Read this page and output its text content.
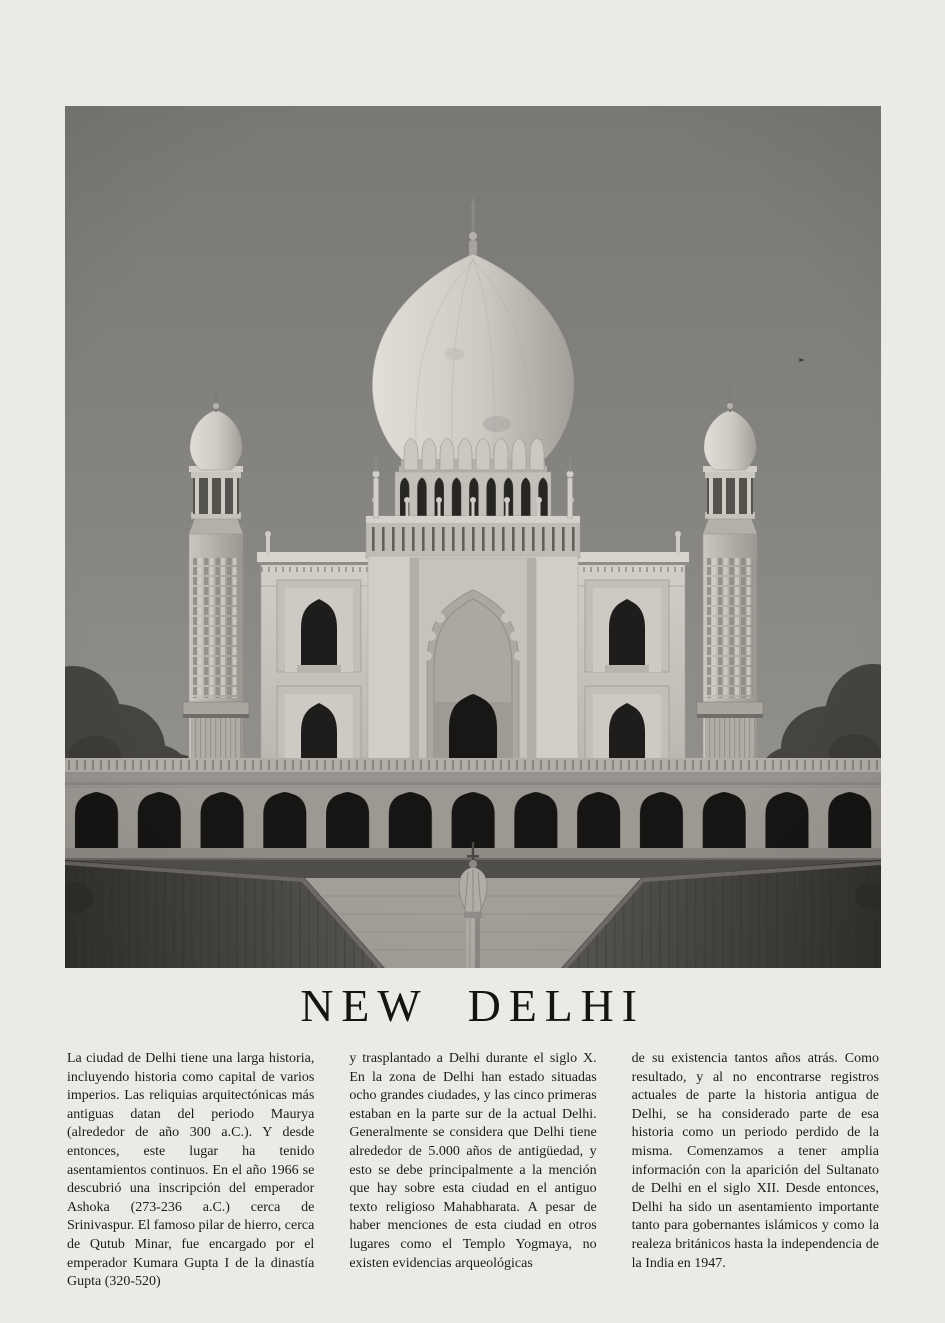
NEW DELHI
La ciudad de Delhi tiene una larga historia, incluyendo historia como capital de varios imperios. Las reliquias arquitectónicas más antiguas datan del periodo Maurya (alrededor de año 300 a.C.). Y desde entonces, este lugar ha tenido asentamientos continuos. En el año 1966 se descubrió una inscripción del emperador Ashoka (273-236 a.C.) cerca de Srinivaspur. El famoso pilar de hierro, cerca de Qutub Minar, fue encargado por el emperador Kumara Gupta I de la dinastía Gupta (320-520)
y trasplantado a Delhi durante el siglo X. En la zona de Delhi han estado situadas ocho grandes ciudades, y las cinco primeras estaban en la parte sur de la actual Delhi. Generalmente se considera que Delhi tiene alrededor de 5.000 años de antigüedad, y esto se debe principalmente a la mención que hay sobre esta ciudad en el antiguo texto religioso Mahabharata. A pesar de haber menciones de esta ciudad en otros lugares como el Templo Yogmaya, no existen evidencias arqueológicas
de su existencia tantos años atrás. Como resultado, y al no encontrarse registros actuales de parte la historia antigua de Delhi, se ha considerado parte de esa historia como un periodo perdido de la misma. Comenzamos a tener amplia información con la aparición del Sultanato de Delhi en el siglo XII. Desde entonces, Delhi ha sido un asentamiento importante tanto para gobernantes islámicos y como la realeza británicos hasta la independencia de la India en 1947.
